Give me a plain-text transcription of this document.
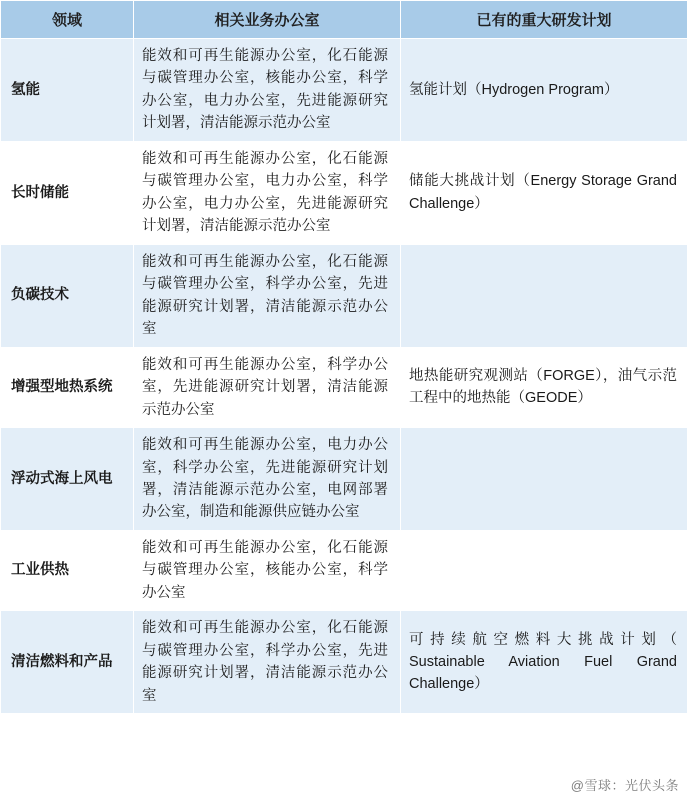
领域	相关业务办公室	已有的重大研发计划
氢能	能效和可再生能源办公室，化石能源与碳管理办公室，核能办公室，科学办公室，电力办公室，先进能源研究计划署，清洁能源示范办公室	氢能计划（Hydrogen Program）
长时储能	能效和可再生能源办公室，化石能源与碳管理办公室，电力办公室，科学办公室，电力办公室，先进能源研究计划署，清洁能源示范办公室	储能大挑战计划（Energy Storage Grand Challenge）
负碳技术	能效和可再生能源办公室，化石能源与碳管理办公室，科学办公室，先进能源研究计划署，清洁能源示范办公室	
增强型地热系统	能效和可再生能源办公室，科学办公室，先进能源研究计划署，清洁能源示范办公室	地热能研究观测站（FORGE），油气示范工程中的地热能（GEODE）
浮动式海上风电	能效和可再生能源办公室，电力办公室，科学办公室，先进能源研究计划署，清洁能源示范办公室，电网部署办公室，制造和能源供应链办公室	
工业供热	能效和可再生能源办公室，化石能源与碳管理办公室，核能办公室，科学办公室	
清洁燃料和产品	能效和可再生能源办公室，化石能源与碳管理办公室，科学办公室，先进能源研究计划署，清洁能源示范办公室	可持续航空燃料大挑战计划（ Sustainable Aviation Fuel Grand Challenge）
@雪球：光伏头条
